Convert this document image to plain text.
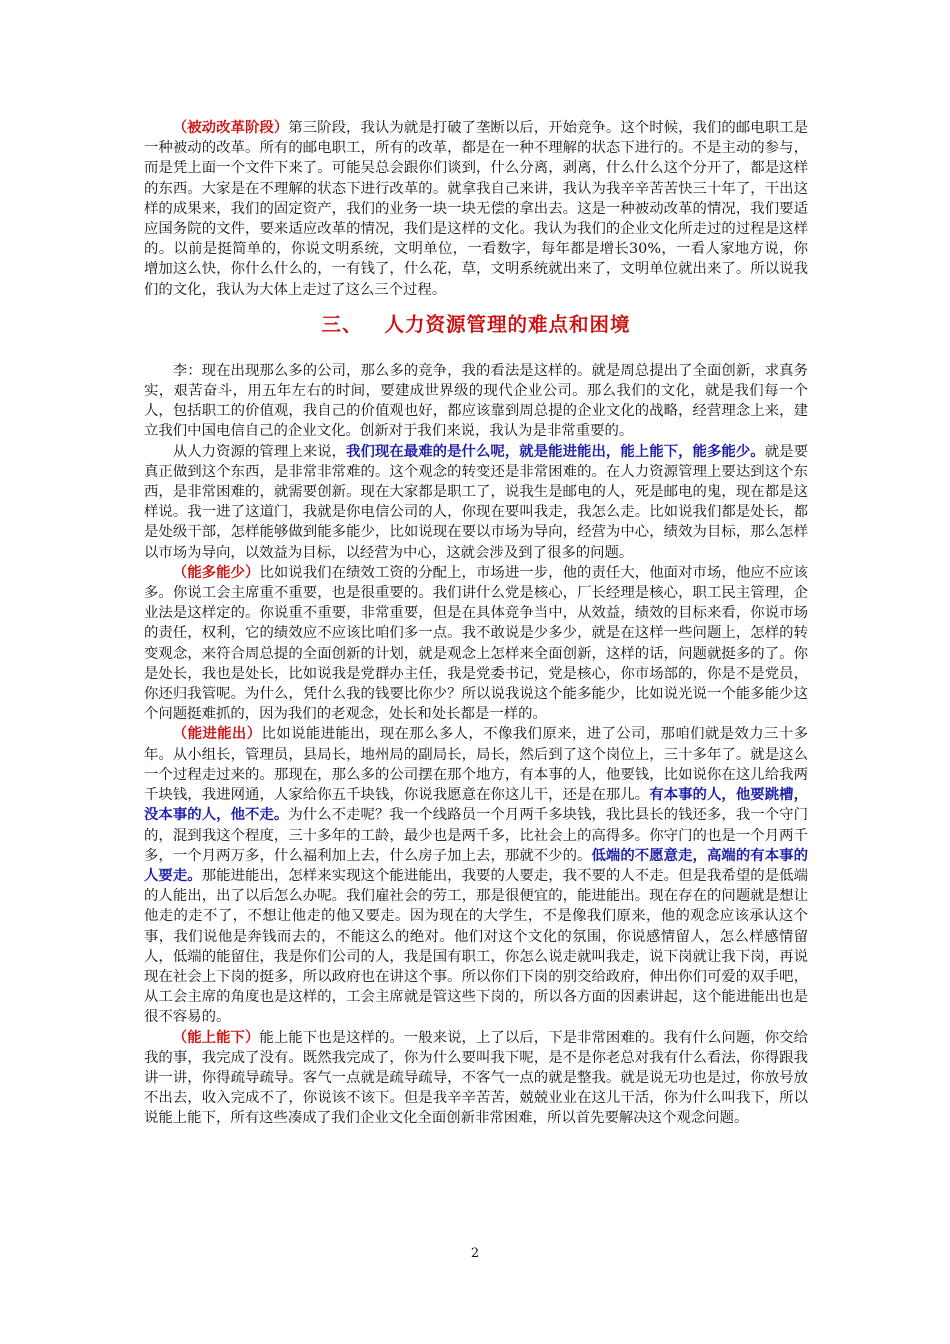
（被动改革阶段）第三阶段，我认为就是打破了垄断以后，开始竞争。这个时候，我们的邮电职工是一种被动的改革。所有的邮电职工，所有的改革，都是在一种不理解的状态下进行的。不是主动的参与，而是凭上面一个文件下来了。可能吴总会跟你们谈到，什么分离，剥离，什么什么这个分开了，都是这样的东西。大家是在不理解的状态下进行改革的。就拿我自己来讲，我认为我辛辛苦苦快三十年了，干出这样的成果来，我们的固定资产，我们的业务一块一块无偿的拿出去。这是一种被动改革的情况，我们要适应国务院的文件，要来适应改革的情况，我们是这样的文化。我认为我们的企业文化所走过的过程是这样的。以前是挺简单的，你说文明系统，文明单位，一看数字，每年都是增长30%，一看人家地方说，你增加这么快，你什么什么的，一有钱了，什么花，草，文明系统就出来了，文明单位就出来了。所以说我们的文化，我认为大体上走过了这么三个过程。

三、 人力资源管理的难点和困境

李：现在出现那么多的公司，那么多的竞争，我的看法是这样的。就是周总提出了全面创新，求真务实，艰苦奋斗，用五年左右的时间，要建成世界级的现代企业公司。那么我们的文化，就是我们每一个人，包括职工的价值观，我自己的价值观也好，都应该靠到周总提的企业文化的战略，经营理念上来，建立我们中国电信自己的企业文化。创新对于我们来说，我认为是非常重要的。

从人力资源的管理上来说，我们现在最难的是什么呢，就是能进能出，能上能下，能多能少。就是要真正做到这个东西，是非常非常难的。这个观念的转变还是非常困难的。在人力资源管理上要达到这个东西，是非常困难的，就需要创新。现在大家都是职工了，说我生是邮电的人，死是邮电的鬼，现在都是这样说。我一进了这道门，我就是你电信公司的人，你现在要叫我走，我怎么走。比如说我们都是处长，都是处级干部，怎样能够做到能多能少，比如说现在要以市场为导向，经营为中心，绩效为目标，那么怎样以市场为导向，以效益为目标，以经营为中心，这就会涉及到了很多的问题。

（能多能少）比如说我们在绩效工资的分配上，市场进一步，他的责任大，他面对市场，他应不应该多。你说工会主席重不重要，也是很重要的。我们讲什么党是核心，厂长经理是核心，职工民主管理，企业法是这样定的。你说重不重要，非常重要，但是在具体竞争当中，从效益，绩效的目标来看，你说市场的责任，权利，它的绩效应不应该比咱们多一点。我不敢说是少多少，就是在这样一些问题上，怎样的转变观念，来符合周总提的全面创新的计划，就是观念上怎样来全面创新，这样的话，问题就挺多的了。你是处长，我也是处长，比如说我是党群办主任，我是党委书记，党是核心，你市场部的，你是不是党员，你还归我管呢。为什么，凭什么我的钱要比你少？所以说我说这个能多能少，比如说光说一个能多能少这个问题挺难抓的，因为我们的老观念，处长和处长都是一样的。

（能进能出）比如说能进能出，现在那么多人，不像我们原来，进了公司，那咱们就是效力三十多年。从小组长，管理员，县局长，地州局的副局长，局长，然后到了这个岗位上，三十多年了。就是这么一个过程走过来的。那现在，那么多的公司摆在那个地方，有本事的人，他要钱，比如说你在这儿给我两千块钱，我进网通，人家给你五千块钱，你说我愿意在你这儿干，还是在那儿。有本事的人，他要跳槽，没本事的人，他不走。为什么不走呢？我一个线路员一个月两千多块钱，我比县长的钱还多，我一个守门的，混到我这个程度，三十多年的工龄，最少也是两千多，比社会上的高得多。你守门的也是一个月两千多，一个月两万多，什么福利加上去，什么房子加上去，那就不少的。低端的不愿意走，高端的有本事的人要走。那能进能出，怎样来实现这个能进能出，我要的人要走，我不要的人不走。但是我希望的是低端的人能出，出了以后怎么办呢。我们雇社会的劳工，那是很便宜的，能进能出。现在存在的问题就是想让他走的走不了，不想让他走的他又要走。因为现在的大学生，不是像我们原来，他的观念应该承认这个事，我们说他是奔钱而去的，不能这么的绝对。他们对这个文化的氛围，你说感情留人，怎么样感情留人，低端的能留住，我是你们公司的人，我是国有职工，你怎么说走就叫我走，说下岗就让我下岗，再说现在社会上下岗的挺多，所以政府也在讲这个事。所以你们下岗的别交给政府，伸出你们可爱的双手吧，从工会主席的角度也是这样的，工会主席就是管这些下岗的，所以各方面的因素讲起，这个能进能出也是很不容易的。

（能上能下）能上能下也是这样的。一般来说，上了以后，下是非常困难的。我有什么问题，你交给我的事，我完成了没有。既然我完成了，你为什么要叫我下呢，是不是你老总对我有什么看法，你得跟我讲一讲，你得疏导疏导。客气一点就是疏导疏导，不客气一点的就是整我。就是说无功也是过，你放号放不出去，收入完成不了，你说该不该下。但是我辛辛苦苦，兢兢业业在这儿干活，你为什么叫我下，所以说能上能下，所有这些凑成了我们企业文化全面创新非常困难，所以首先要解决这个观念问题。

2
